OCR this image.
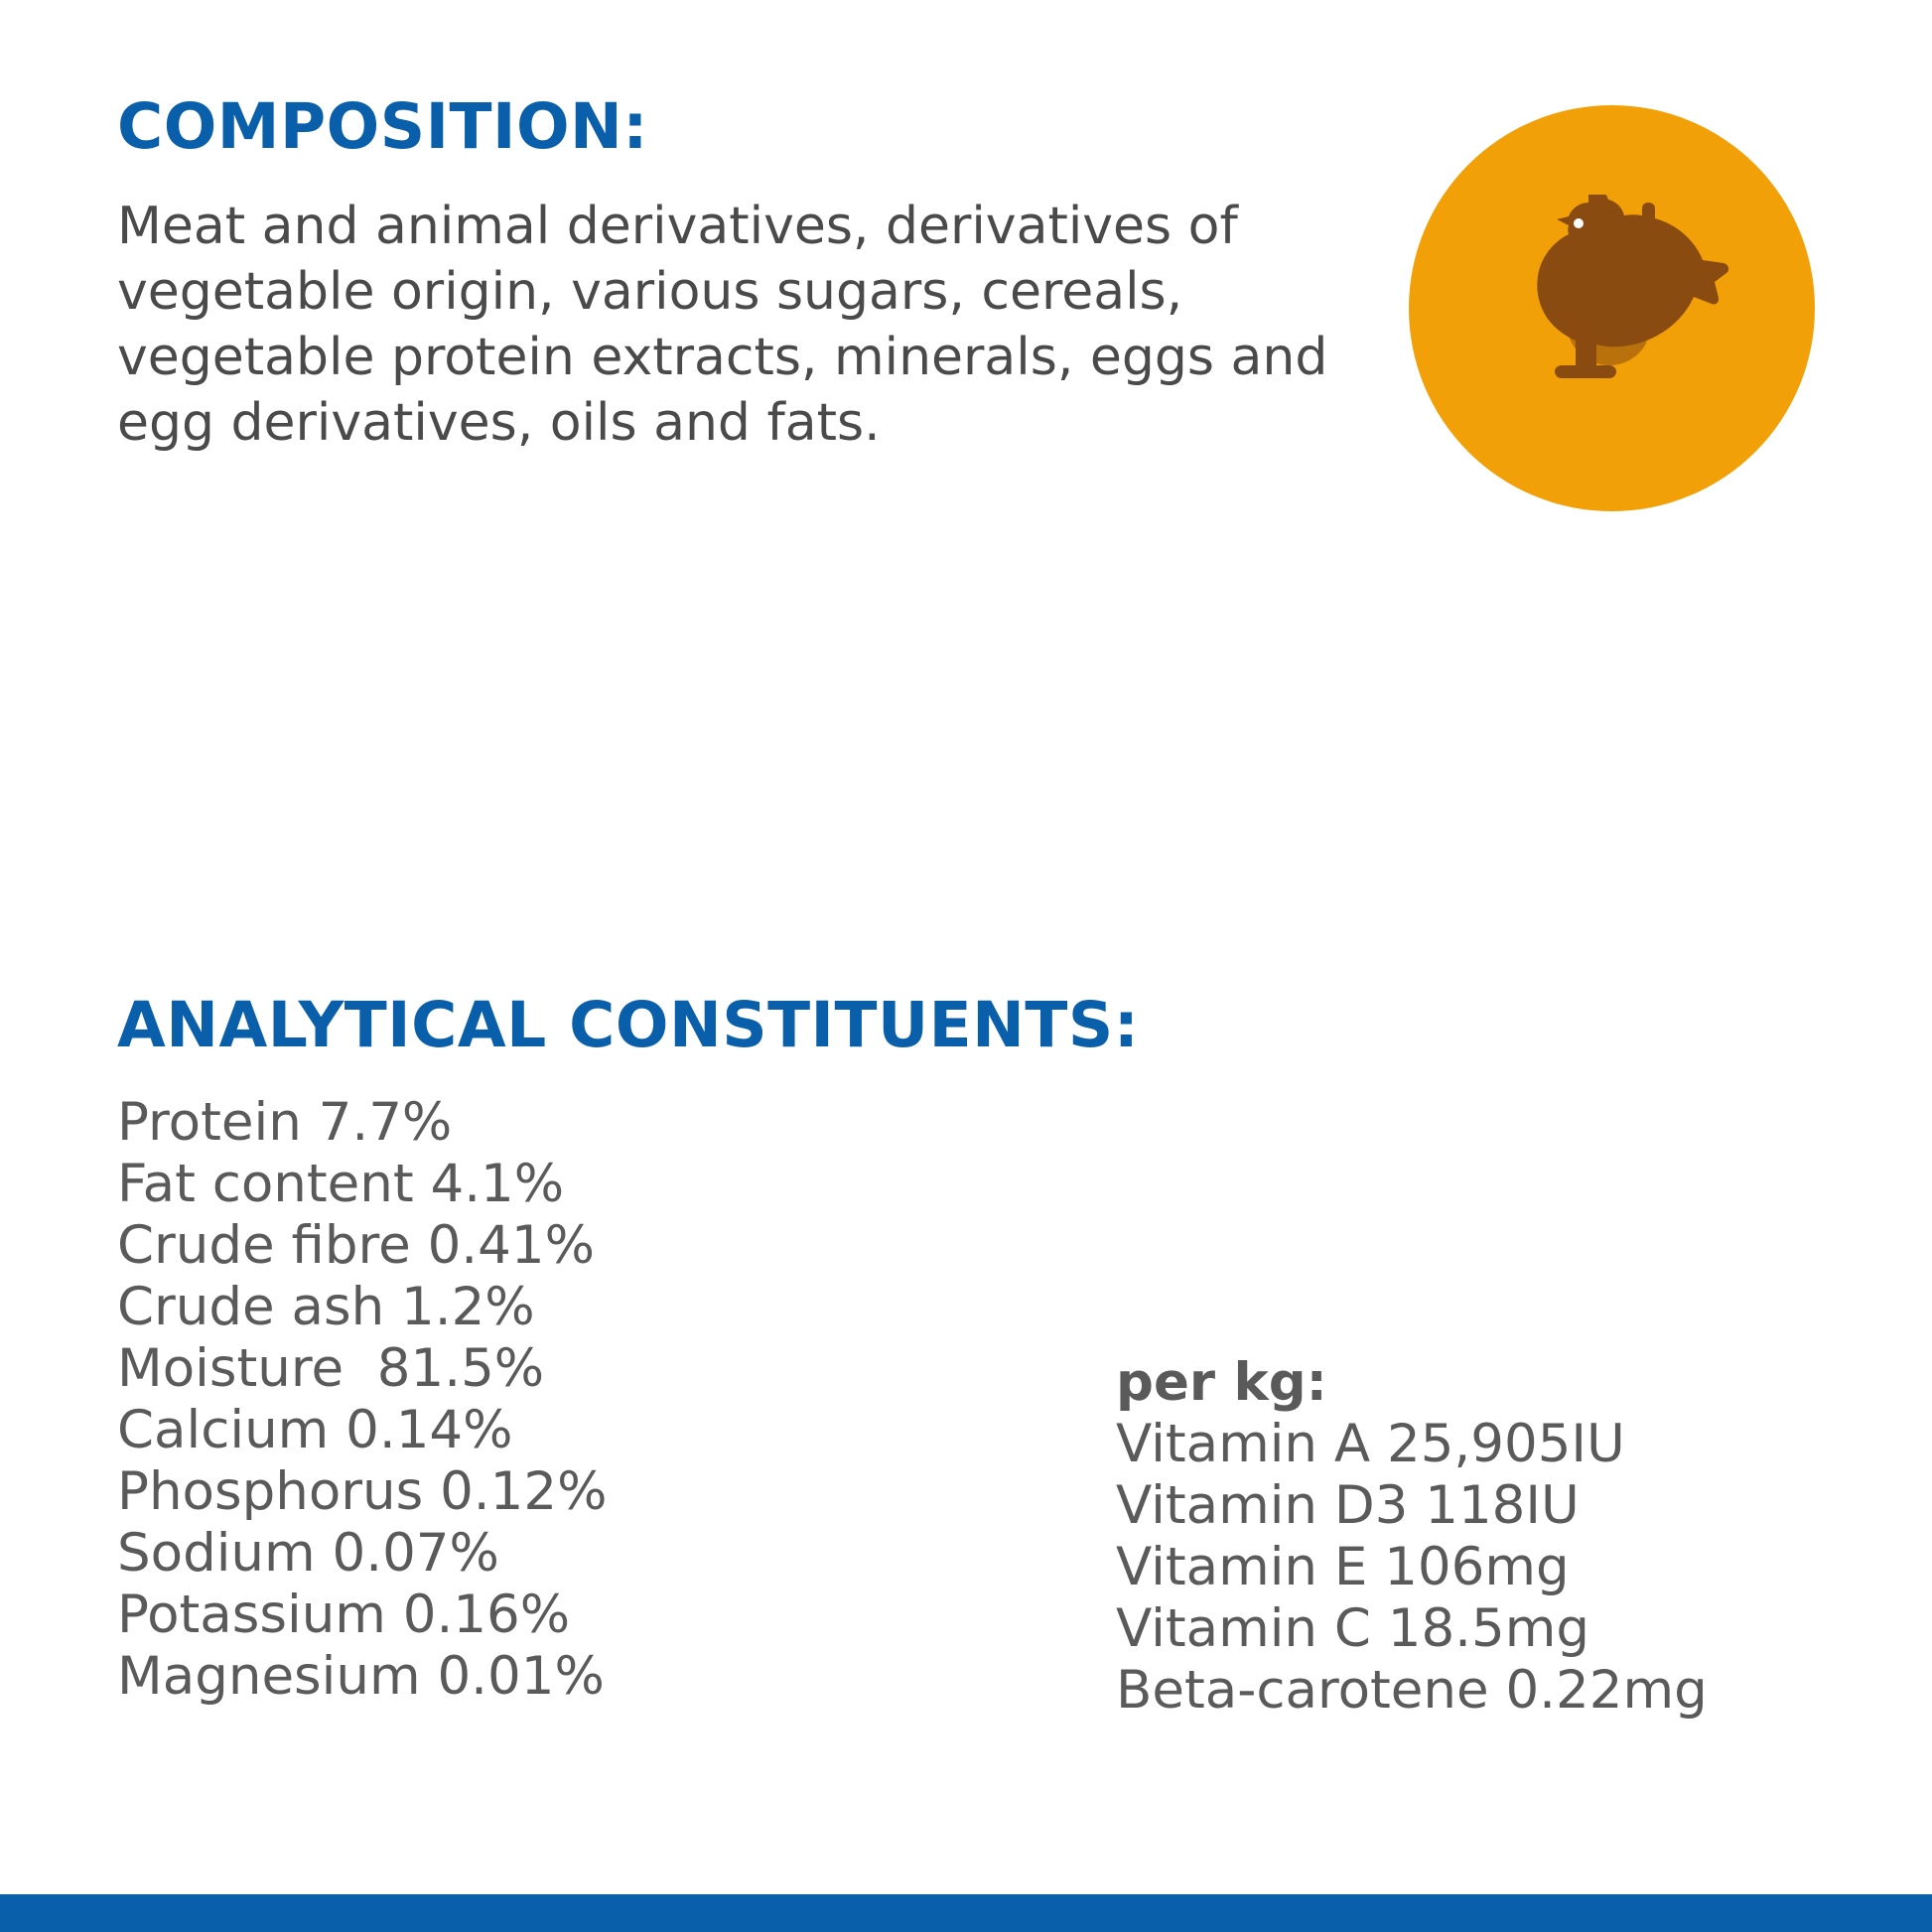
COMPOSITION:

Meat and animal derivatives, derivatives of vegetable origin, various sugars, cereals, vegetable protein extracts, minerals, eggs and egg derivatives, oils and fats.

ANALYTICAL CONSTITUENTS:
Protein 7.7%
Fat content 4.1%
Crude fibre 0.41%
Crude ash 1.2%
Moisture  81.5%
Calcium 0.14%
Phosphorus 0.12%
Sodium 0.07%
Potassium 0.16%
Magnesium 0.01%
per kg:
Vitamin A 25,905IU
Vitamin D3 118IU
Vitamin E 106mg
Vitamin C 18.5mg
Beta-carotene 0.22mg
